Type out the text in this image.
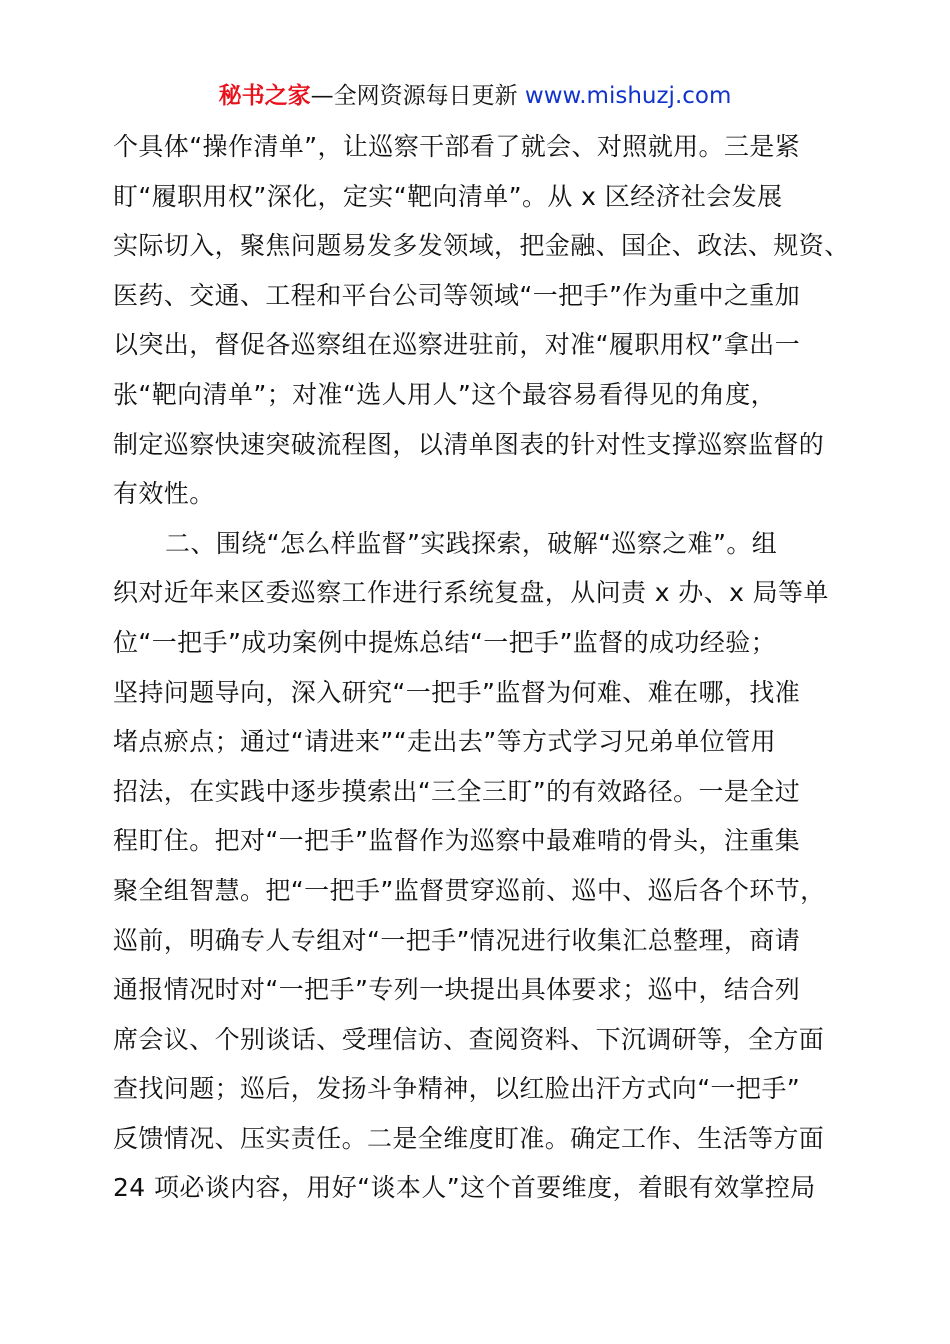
秘书之家—全网资源每日更新 www.mishuzj.com
个具体“操作清单”，让巡察干部看了就会、对照就用。三是紧
盯“履职用权”深化，定实“靶向清单”。从 x 区经济社会发展
实际切入，聚焦问题易发多发领域，把金融、国企、政法、规资、
医药、交通、工程和平台公司等领域“一把手”作为重中之重加
以突出，督促各巡察组在巡察进驻前，对准“履职用权”拿出一
张“靶向清单”；对准“选人用人”这个最容易看得见的角度，
制定巡察快速突破流程图，以清单图表的针对性支撑巡察监督的
有效性。
二、围绕“怎么样监督”实践探索，破解“巡察之难”。组
织对近年来区委巡察工作进行系统复盘，从问责 x 办、x 局等单
位“一把手”成功案例中提炼总结“一把手”监督的成功经验；
坚持问题导向，深入研究“一把手”监督为何难、难在哪，找准
堵点瘀点；通过“请进来”“走出去”等方式学习兄弟单位管用
招法，在实践中逐步摸索出“三全三盯”的有效路径。一是全过
程盯住。把对“一把手”监督作为巡察中最难啃的骨头，注重集
聚全组智慧。把“一把手”监督贯穿巡前、巡中、巡后各个环节，
巡前，明确专人专组对“一把手”情况进行收集汇总整理，商请
通报情况时对“一把手”专列一块提出具体要求；巡中，结合列
席会议、个别谈话、受理信访、查阅资料、下沉调研等，全方面
查找问题；巡后，发扬斗争精神，以红脸出汗方式向“一把手”
反馈情况、压实责任。二是全维度盯准。确定工作、生活等方面
24 项必谈内容，用好“谈本人”这个首要维度，着眼有效掌控局
